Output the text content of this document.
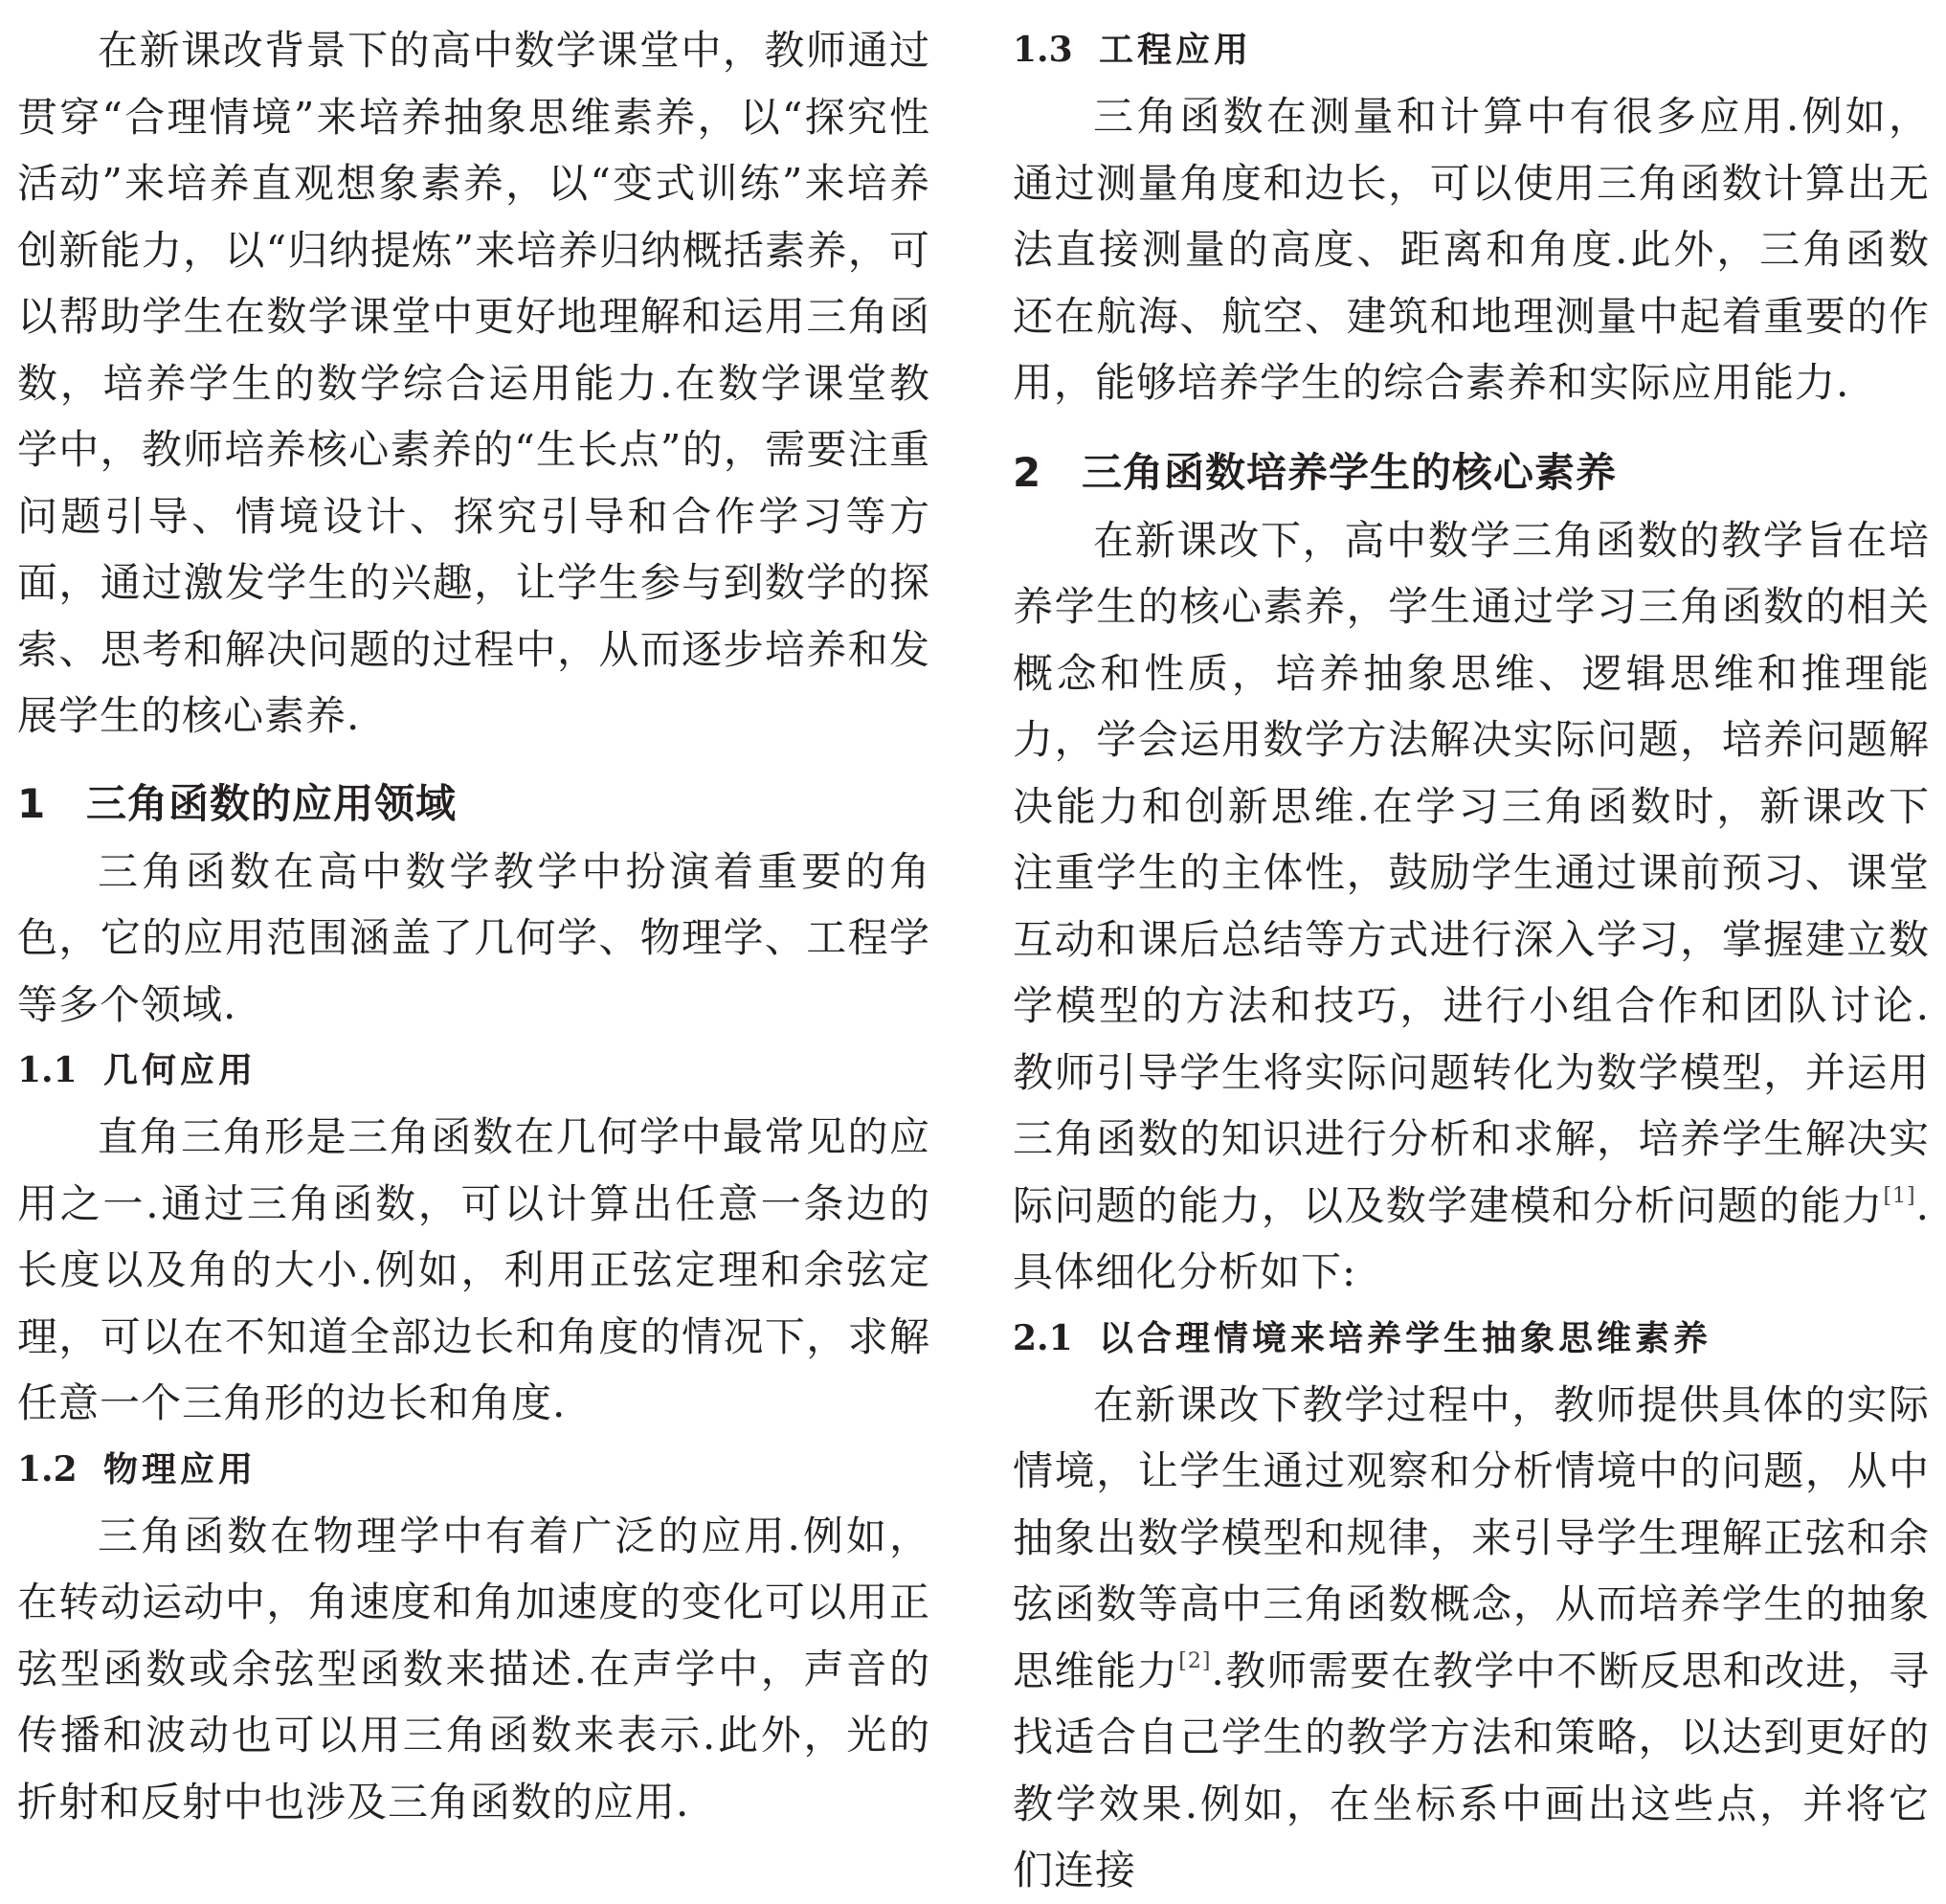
在新课改背景下的高中数学课堂中，教师通过贯穿“合理情境”来培养抽象思维素养，以“探究性活动”来培养直观想象素养，以“变式训练”来培养创新能力，以“归纳提炼”来培养归纳概括素养，可以帮助学生在数学课堂中更好地理解和运用三角函数，培养学生的数学综合运用能力.在数学课堂教学中，教师培养核心素养的“生长点”的，需要注重问题引导、情境设计、探究引导和合作学习等方面，通过激发学生的兴趣，让学生参与到数学的探索、思考和解决问题的过程中，从而逐步培养和发展学生的核心素养.

1 三角函数的应用领域

三角函数在高中数学教学中扮演着重要的角色，它的应用范围涵盖了几何学、物理学、工程学等多个领域.

1.1 几何应用

直角三角形是三角函数在几何学中最常见的应用之一.通过三角函数，可以计算出任意一条边的长度以及角的大小.例如，利用正弦定理和余弦定理，可以在不知道全部边长和角度的情况下，求解任意一个三角形的边长和角度.

1.2 物理应用

三角函数在物理学中有着广泛的应用.例如，在转动运动中，角速度和角加速度的变化可以用正弦型函数或余弦型函数来描述.在声学中，声音的传播和波动也可以用三角函数来表示.此外，光的折射和反射中也涉及三角函数的应用.

1.3 工程应用

三角函数在测量和计算中有很多应用.例如，通过测量角度和边长，可以使用三角函数计算出无法直接测量的高度、距离和角度.此外，三角函数还在航海、航空、建筑和地理测量中起着重要的作用，能够培养学生的综合素养和实际应用能力.

2 三角函数培养学生的核心素养

在新课改下，高中数学三角函数的教学旨在培养学生的核心素养，学生通过学习三角函数的相关概念和性质，培养抽象思维、逻辑思维和推理能力，学会运用数学方法解决实际问题，培养问题解决能力和创新思维.在学习三角函数时，新课改下注重学生的主体性，鼓励学生通过课前预习、课堂互动和课后总结等方式进行深入学习，掌握建立数学模型的方法和技巧，进行小组合作和团队讨论.教师引导学生将实际问题转化为数学模型，并运用三角函数的知识进行分析和求解，培养学生解决实际问题的能力，以及数学建模和分析问题的能力[1].具体细化分析如下:

2.1 以合理情境来培养学生抽象思维素养

在新课改下教学过程中，教师提供具体的实际情境，让学生通过观察和分析情境中的问题，从中抽象出数学模型和规律，来引导学生理解正弦和余弦函数等高中三角函数概念，从而培养学生的抽象思维能力[2].教师需要在教学中不断反思和改进，寻找适合自己学生的教学方法和策略，以达到更好的教学效果.例如，在坐标系中画出这些点，并将它们连接
